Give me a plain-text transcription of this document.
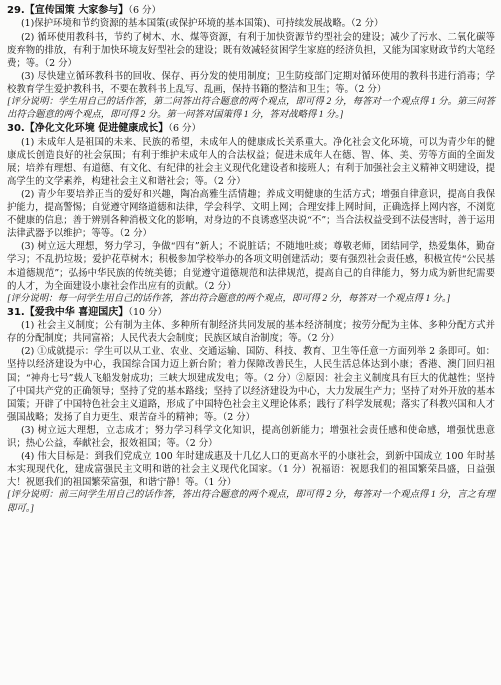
29.【宣传国策 大家参与】（6 分）

(1)保护环境和节约资源的基本国策(或保护环境的基本国策)、可持续发展战略。（2 分）

(2) 循环使用教科书，节约了树木、水、煤等资源，有利于加快资源节约型社会的建设；减少了污水、二氧化碳等废弃物的排放，有利于加快环境友好型社会的建设；既有效减轻贫困学生家庭的经济负担，又能为国家财政节约大笔经费；等。（2 分）

(3) 尽快建立循环教科书的回收、保存、再分发的使用制度；卫生防疫部门定期对循环使用的教科书进行消毒；学校教育学生爱护教科书，不要在教科书上乱写、乱画，保持书籍的整洁和卫生；等。（2 分）

[评分说明：学生用自己的话作答，第二问答出符合题意的两个观点，即可得 2 分，每答对一个观点得 1 分。第三问答出符合题意的两个观点，即可得 2 分。第一问答对国策得 1 分，答对战略得 1 分。]

30.【净化文化环境 促进健康成长】（6 分）

(1) 未成年人是祖国的未来、民族的希望，未成年人的健康成长关系重大。净化社会文化环境，可以为青少年的健康成长创造良好的社会氛围；有利于维护未成年人的合法权益；促进未成年人在德、智、体、美、劳等方面的全面发展；培养有理想、有道德、有文化、有纪律的社会主义现代化建设者和接班人；有利于加强社会主义精神文明建设，提高学生的文学素养，构建社会主义和谐社会；等。（2 分）

(2) 青少年要培养正当的爱好和兴趣，陶冶高雅生活情趣；养成文明健康的生活方式；增强自律意识，提高自我保护能力，提高警惕；自觉遵守网络道德和法律，学会科学、文明上网；合理安排上网时间，正确选择上网内容，不浏览不健康的信息；善于辨别各种消极文化的影响，对身边的不良诱惑坚决说“不”；当合法权益受到不法侵害时，善于运用法律武器予以维护；等等。（2 分）

(3) 树立远大理想，努力学习，争做“四有”新人；不说脏话；不随地吐痰；尊敬老师，团结同学，热爱集体，勤奋学习；不乱扔垃圾；爱护花草树木；积极参加学校举办的各项文明创建活动；要有强烈社会责任感，积极宣传“公民基本道德规范”；弘扬中华民族的传统美德；自觉遵守道德规范和法律规范，提高自己的自律能力，努力成为新世纪需要的人才，为全面建设小康社会作出应有的贡献。（2 分）

[评分说明：每一问学生用自己的话作答，答出符合题意的两个观点，即可得 2 分，每答对一个观点得 1 分。]

31.【爱我中华 喜迎国庆】（10 分）

(1) 社会主义制度；公有制为主体、多种所有制经济共同发展的基本经济制度；按劳分配为主体、多种分配方式并存的分配制度；共同富裕；人民代表大会制度；民族区域自治制度；等。（2 分）

(2) ①成就提示：学生可以从工业、农业、交通运输、国防、科技、教育、卫生等任意一方面列举 2 条即可。如：坚持以经济建设为中心，我国综合国力迈上新台阶；着力保障改善民生，人民生活总体达到小康；香港、澳门回归祖国；“神舟七号”载人飞船发射成功；三峡大坝建成发电；等。（2 分）②原因：社会主义制度具有巨大的优越性；坚持了中国共产党的正确领导；坚持了党的基本路线；坚持了以经济建设为中心，大力发展生产力；坚持了对外开放的基本国策；开辟了中国特色社会主义道路，形成了中国特色社会主义理论体系；践行了科学发展观；落实了科教兴国和人才强国战略；发扬了自力更生、艰苦奋斗的精神；等。（2 分）

(3) 树立远大理想，立志成才；努力学习科学文化知识，提高创新能力；增强社会责任感和使命感，增强忧患意识；热心公益，奉献社会，报效祖国；等。（2 分）

(4) 伟大目标是：到我们党成立 100 年时建成惠及十几亿人口的更高水平的小康社会，到新中国成立 100 年时基本实现现代化，建成富强民主文明和谐的社会主义现代化国家。（1 分）祝福语：祝愿我们的祖国繁荣昌盛，日益强大！祝愿我们的祖国繁荣富强，和谐宁静！等。（1 分）

[评分说明：前三问学生用自己的话作答，答出符合题意的两个观点，即可得 2 分，每答对一个观点得 1 分，言之有理即可。]
